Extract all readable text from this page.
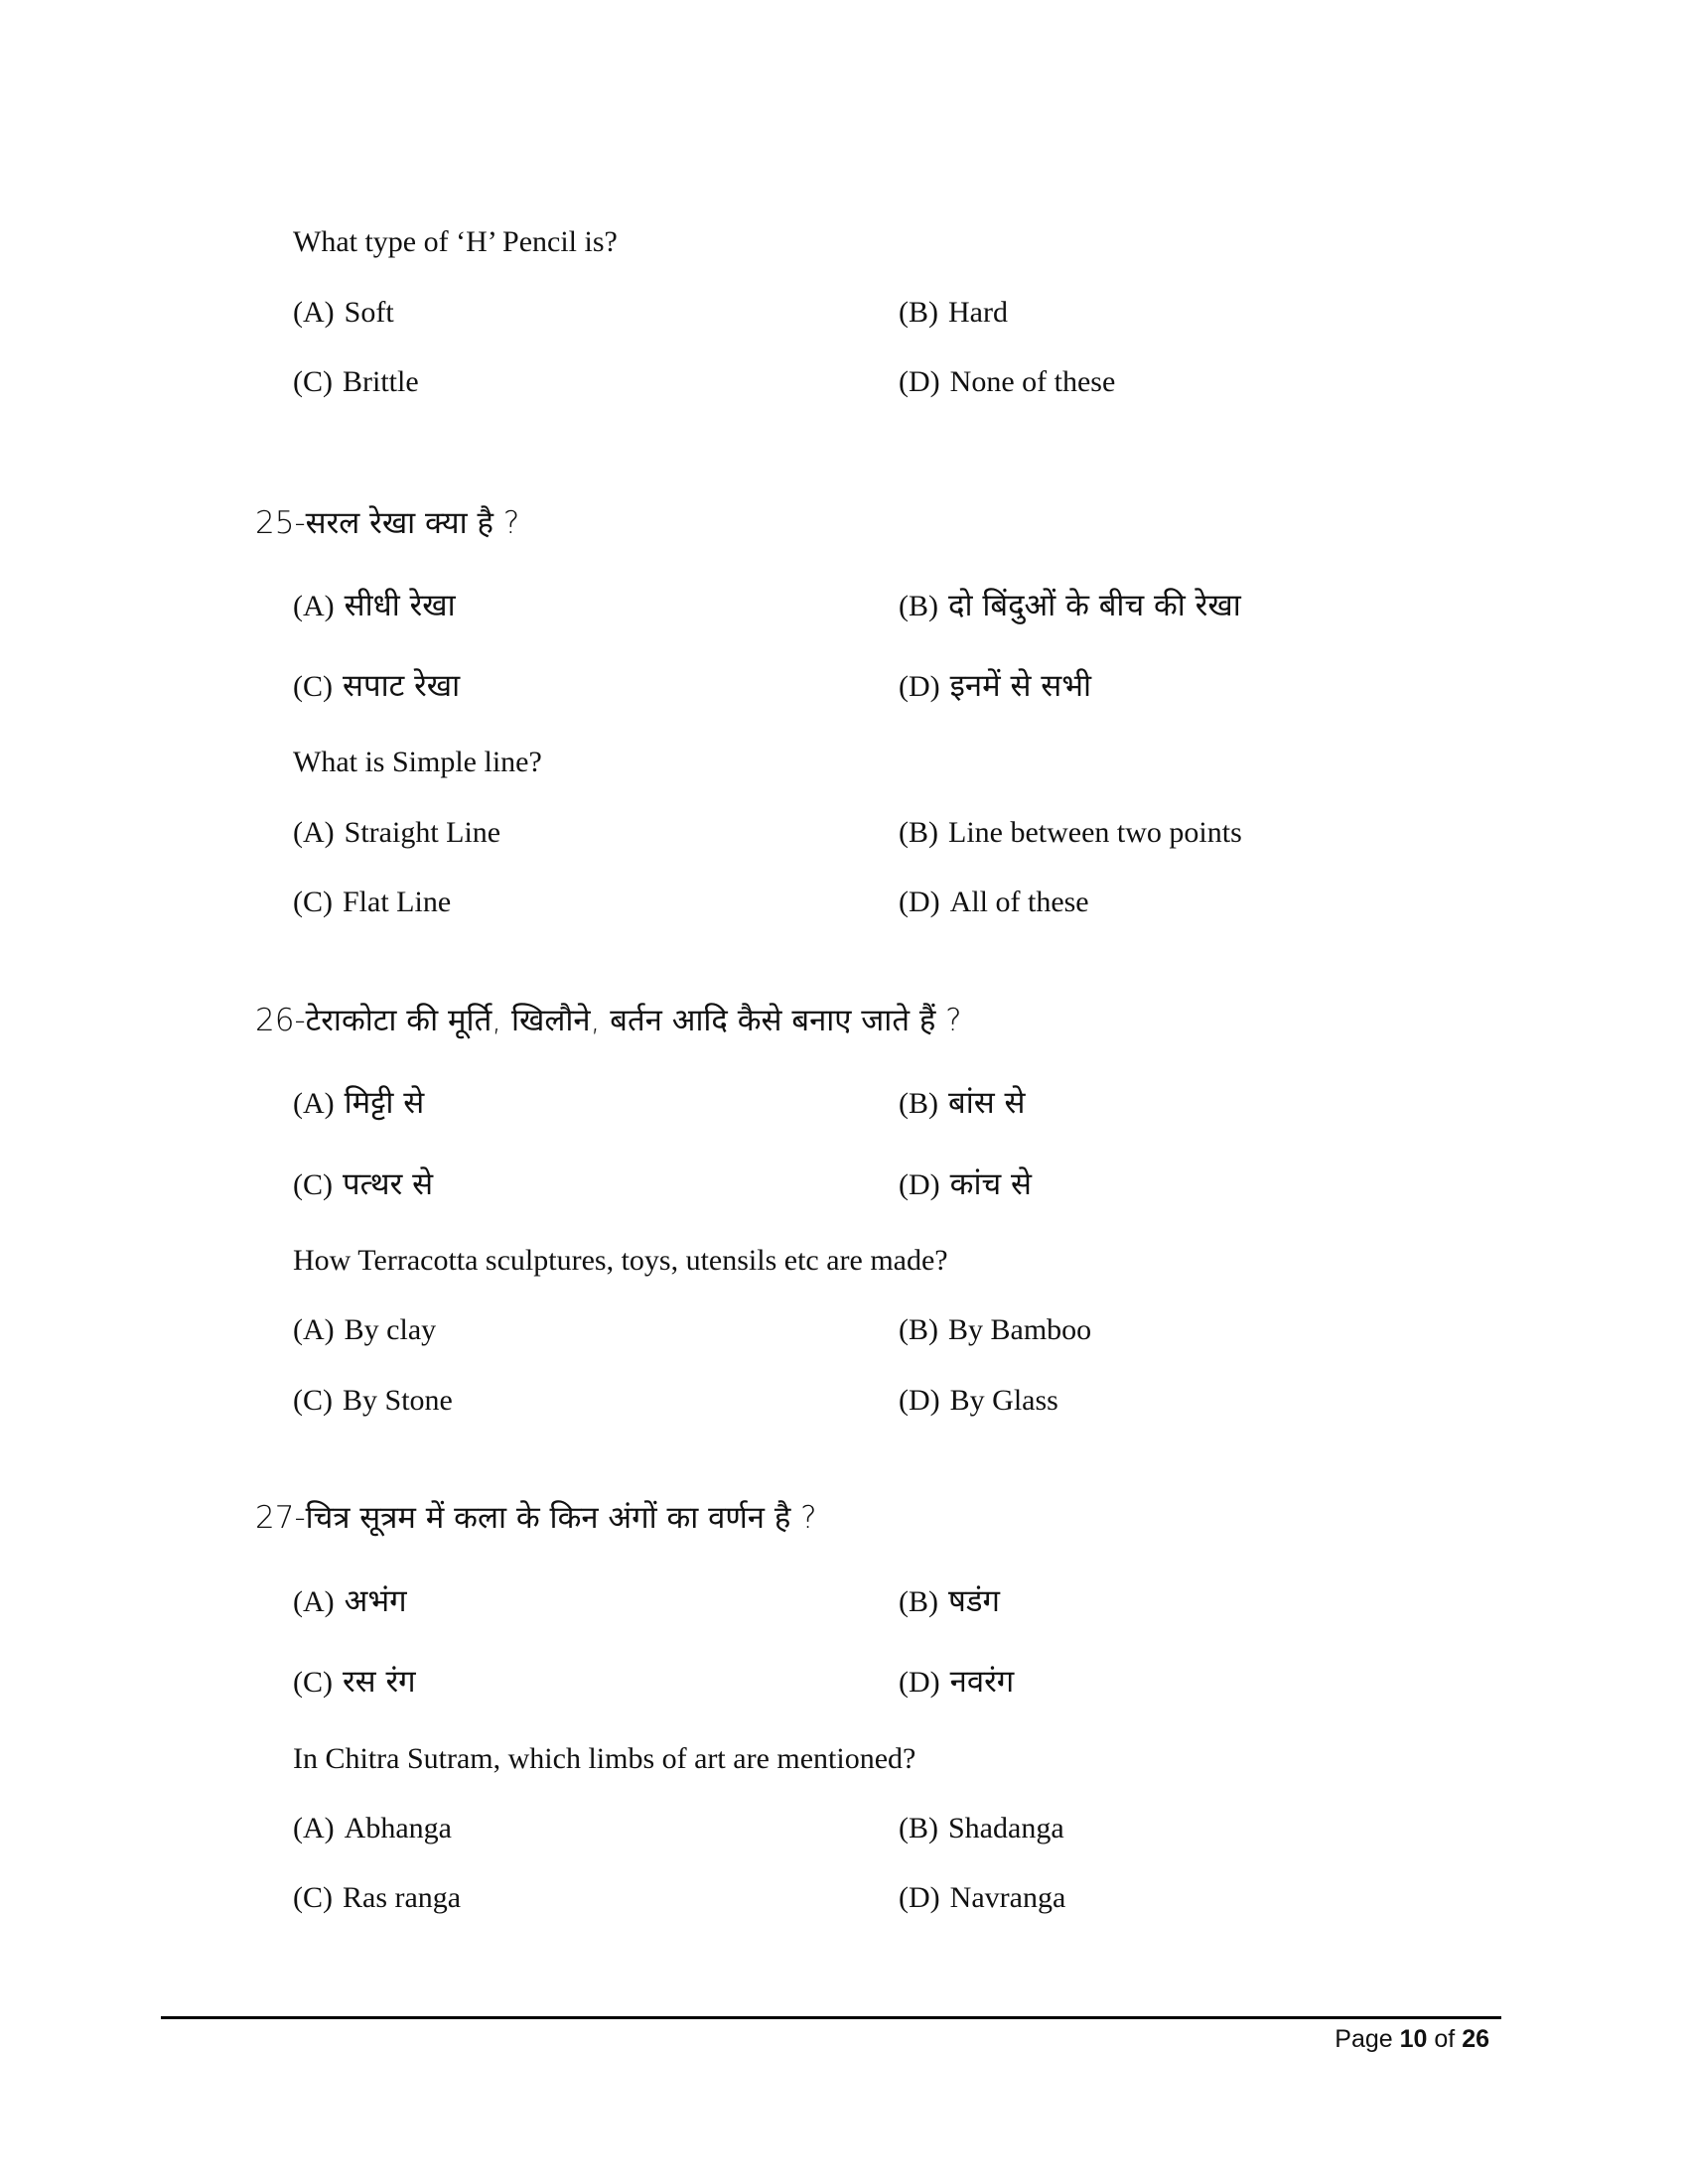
What type of ‘H’ Pencil is?
(A) Soft	(B) Hard
(C) Brittle	(D) None of these
25-सरल रेखा क्या है ?
(A) सीधी रेखा	(B) दो बिंदुओं के बीच की रेखा
(C) सपाट रेखा	(D) इनमें से सभी
What is Simple line?
(A) Straight Line	(B) Line between two points
(C) Flat Line	(D) All of these
26-टेराकोटा की मूर्ति, खिलौने, बर्तन आदि कैसे बनाए जाते हैं ?
(A) मिट्टी से	(B) बांस से
(C) पत्थर से	(D) कांच से
How Terracotta sculptures, toys, utensils etc are made?
(A) By clay	(B) By Bamboo
(C) By Stone	(D) By Glass
27-चित्र सूत्रम में कला के किन अंगों का वर्णन है ?
(A) अभंग	(B) षडंग
(C) रस रंग	(D) नवरंग
In Chitra Sutram, which limbs of art are mentioned?
(A) Abhanga	(B) Shadanga
(C) Ras ranga	(D) Navranga
Page 10 of 26
